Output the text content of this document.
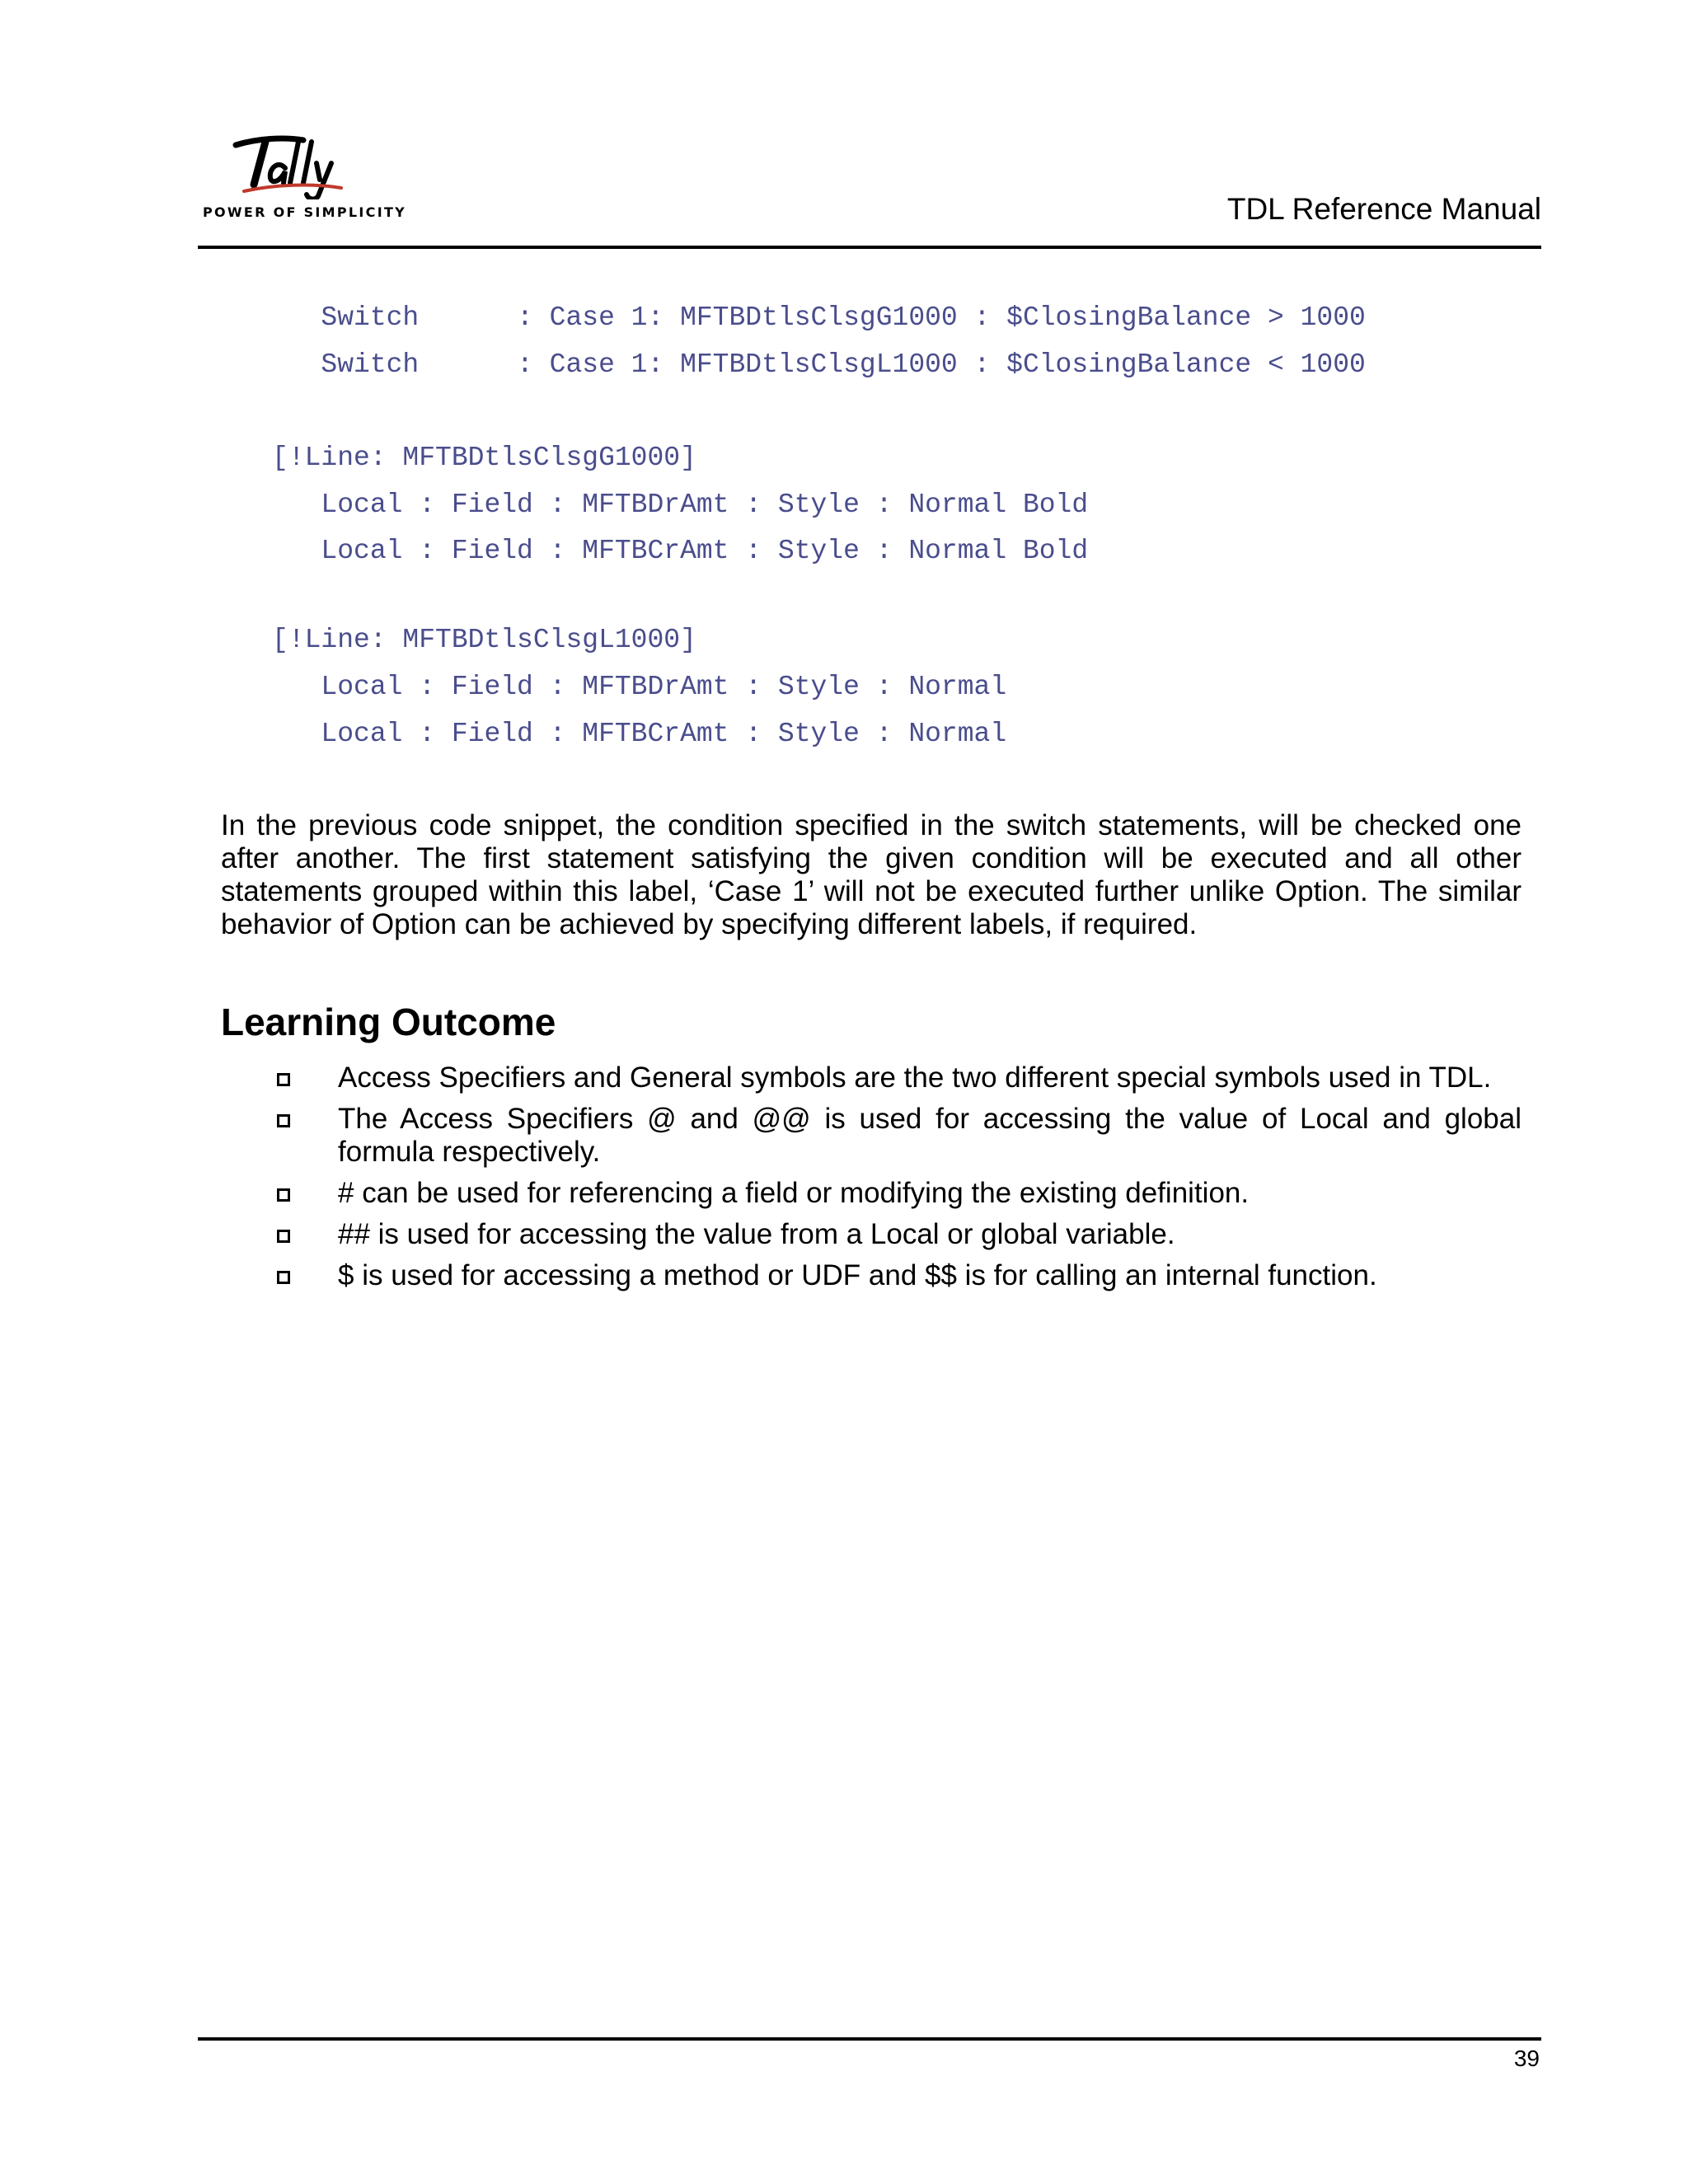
POWER OF SIMPLICITY	TDL Reference Manual

Switch      : Case 1: MFTBDtlsClsgG1000 : $ClosingBalance > 1000

Switch      : Case 1: MFTBDtlsClsgL1000 : $ClosingBalance < 1000

[!Line: MFTBDtlsClsgG1000]

Local : Field : MFTBDrAmt : Style : Normal Bold

Local : Field : MFTBCrAmt : Style : Normal Bold

[!Line: MFTBDtlsClsgL1000]

Local : Field : MFTBDrAmt : Style : Normal

Local : Field : MFTBCrAmt : Style : Normal

In the previous code snippet, the condition specified in the switch statements, will be checked one after another. The first statement satisfying the given condition will be executed and all other statements grouped within this label, ‘Case 1’ will not be executed further unlike Option. The similar behavior of Option can be achieved by specifying different labels, if required.
Learning Outcome
Access Specifiers and General symbols are the two different special symbols used in TDL.
The Access Specifiers @ and @@ is used for accessing the value of Local and global formula respectively.
# can be used for referencing a field or modifying the existing definition.
## is used for accessing the value from a Local or global variable.
$ is used for accessing a method or UDF and $$ is for calling an internal function.
39
